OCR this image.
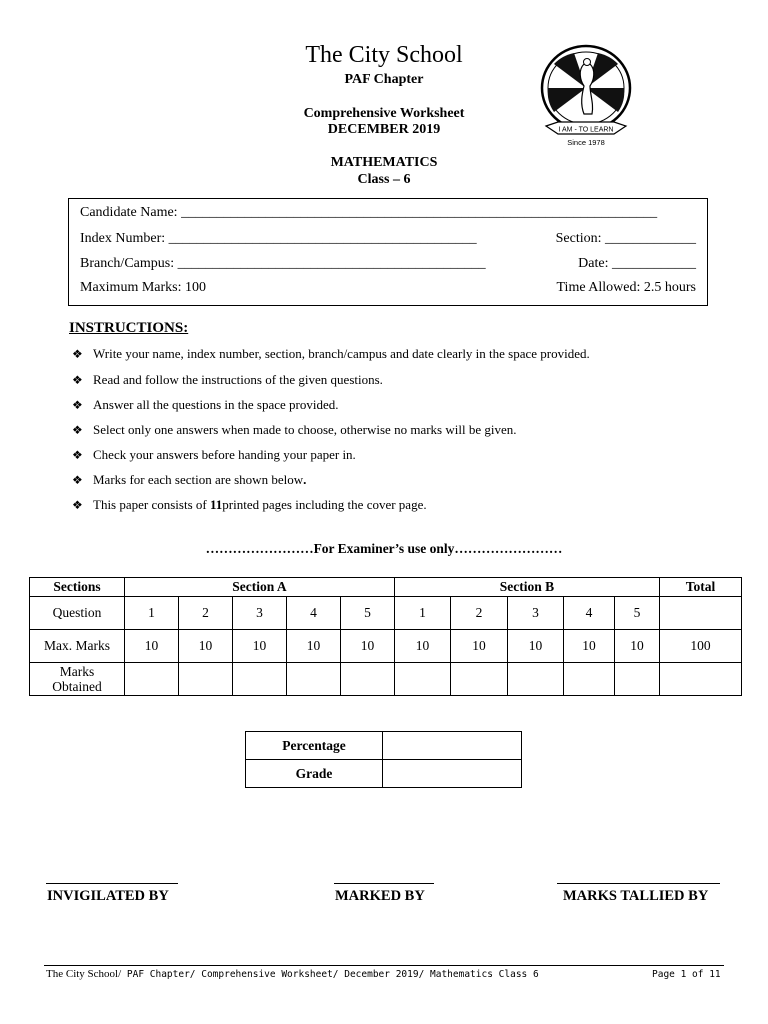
The City School
PAF Chapter
Comprehensive Worksheet
DECEMBER 2019
MATHEMATICS
Class – 6
I AM - TO LEARN
Since 1978
Candidate Name: ____________________________________________________________________
Index Number: ____________________________________________	Section: _____________
Branch/Campus: ____________________________________________	Date: ____________
Maximum Marks: 100	Time Allowed: 2.5 hours
INSTRUCTIONS:
❖ Write your name, index number, section, branch/campus and date clearly in the space provided.
❖ Read and follow the instructions of the given questions.
❖ Answer all the questions in the space provided.
❖ Select only one answers when made to choose, otherwise no marks will be given.
❖ Check your answers before handing your paper in.
❖ Marks for each section are shown below.
❖ This paper consists of 11printed pages including the cover page.
……………………For Examiner’s use only……………………
Sections	Section A					Section B					Total
Question	1	2	3	4	5	1	2	3	4	5	
Max. Marks	10	10	10	10	10	10	10	10	10	10	100
Marks
Obtained											
Percentage	
Grade	
INVIGILATED BY	MARKED BY	MARKS TALLIED BY
The City School/ PAF Chapter/ Comprehensive Worksheet/ December 2019/ Mathematics Class 6	Page 1 of 11
